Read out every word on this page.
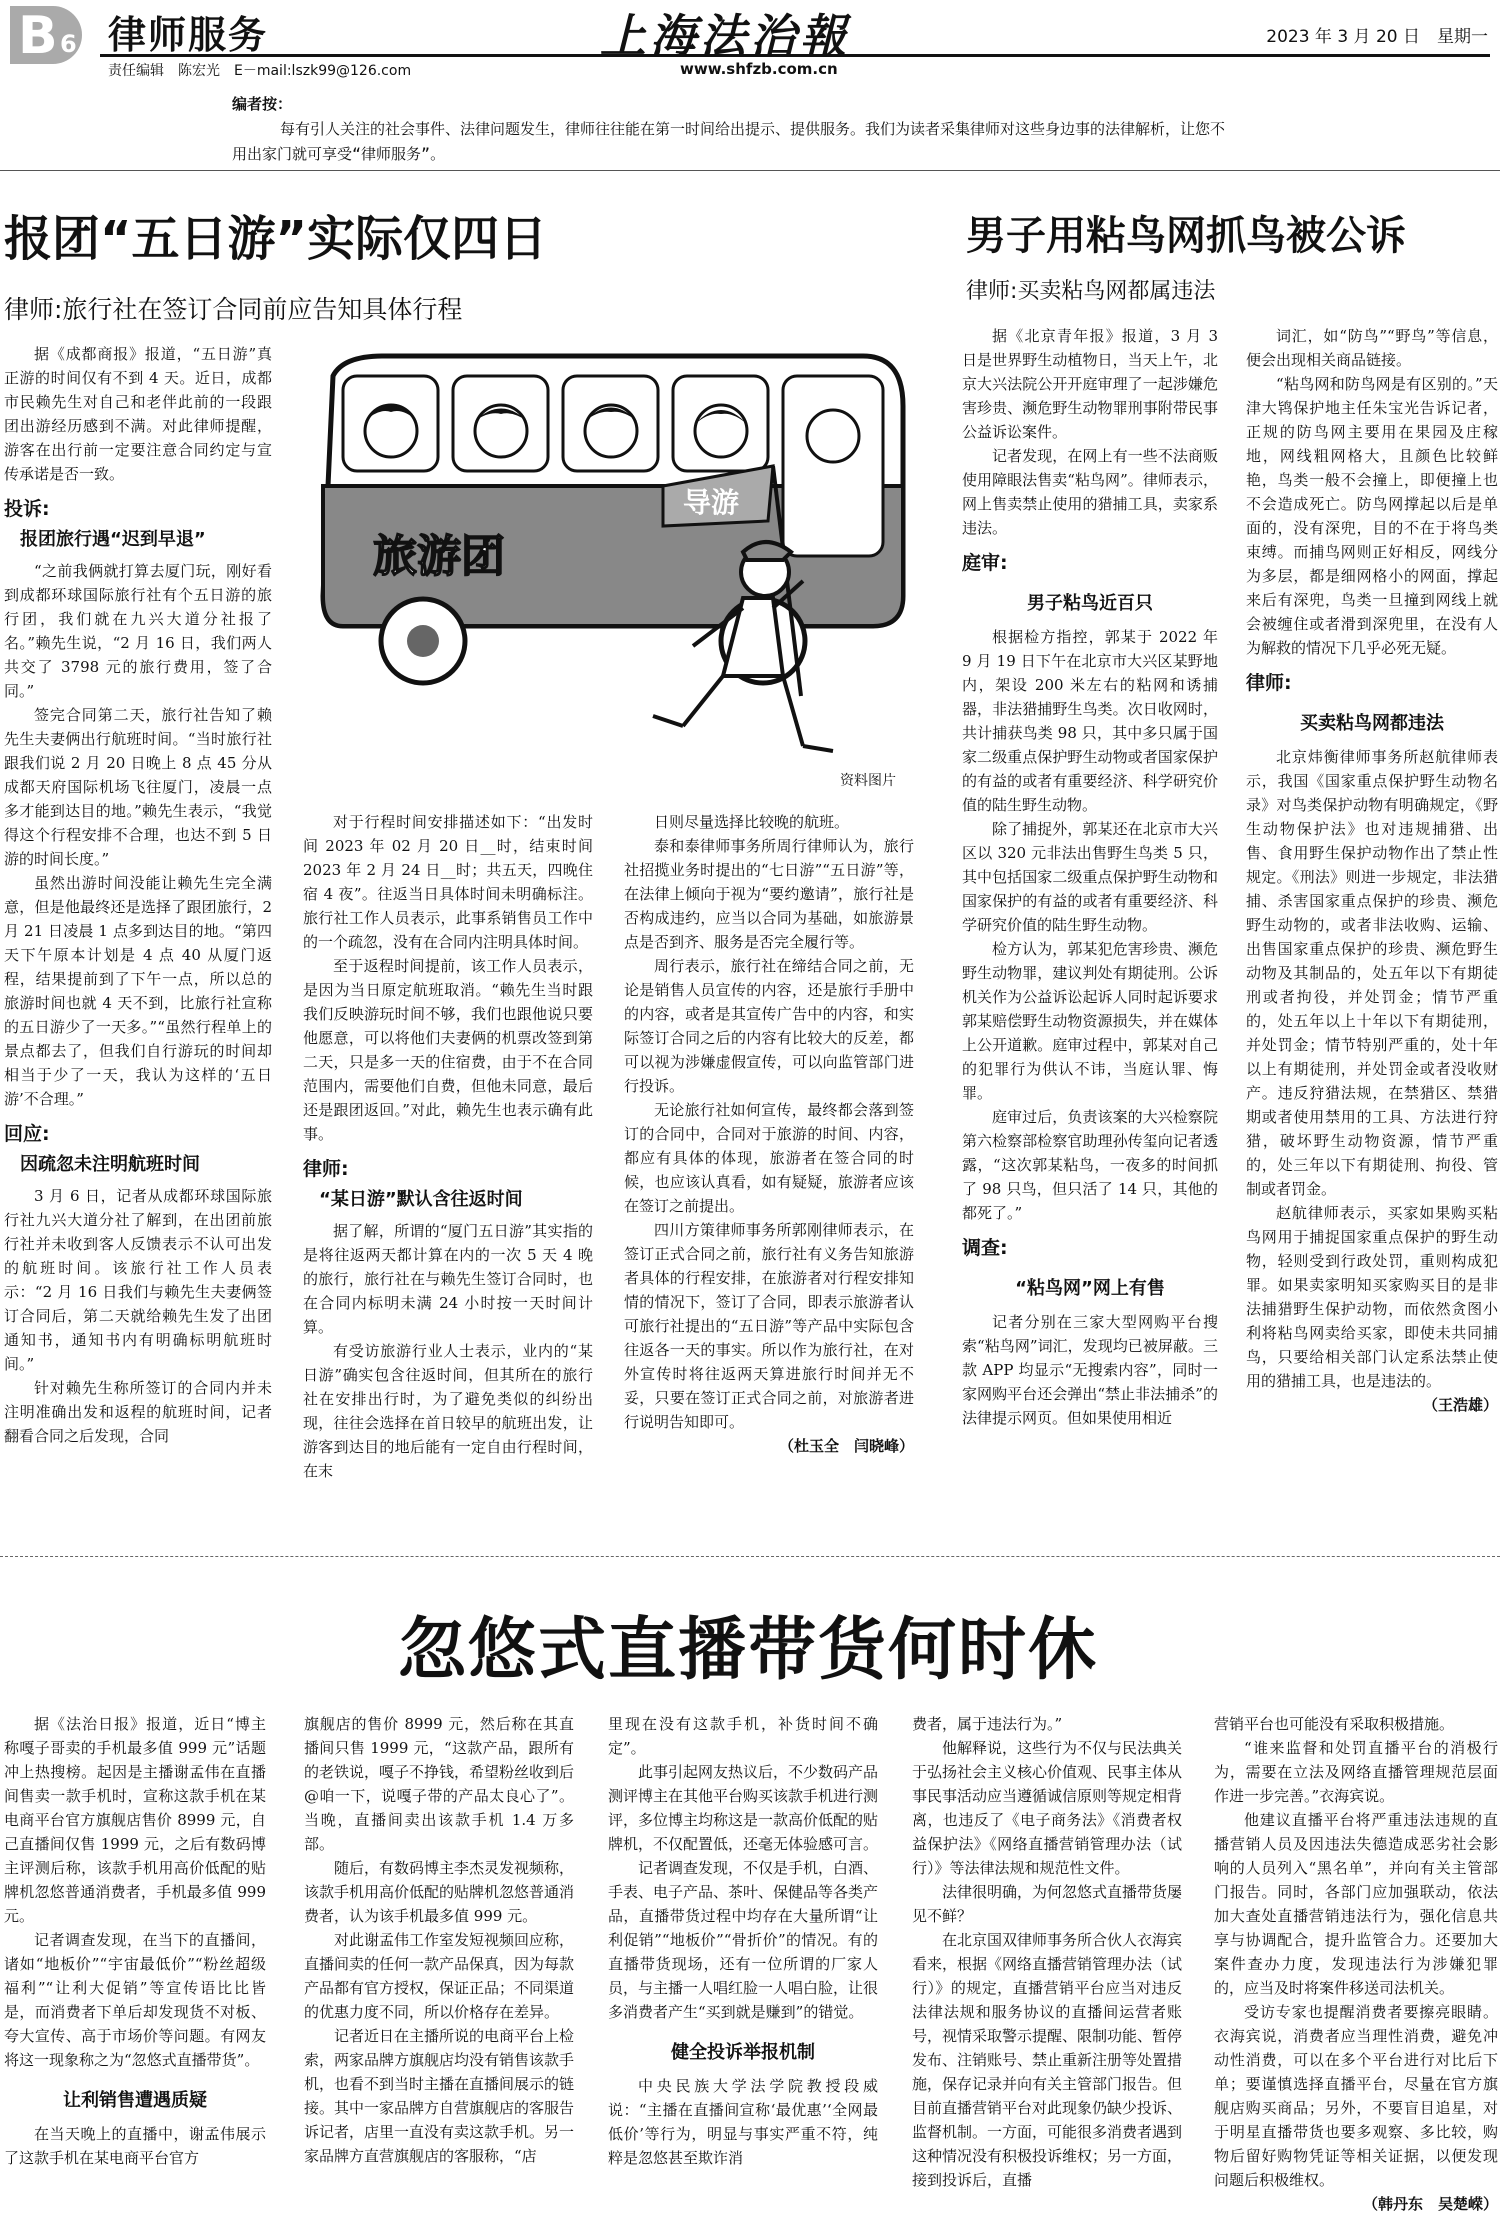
B 6 律师服务	上海法治報	2023 年 3 月 20 日　星期一
责任编辑　陈宏光　E－mail:lszk99@126.com	www.shfzb.com.cn
编者按：

每有引人关注的社会事件、法律问题发生，律师往往能在第一时间给出提示、提供服务。我们为读者采集律师对这些身边事的法律解析，让您不用出家门就可享受“律师服务”。

报团“五日游”实际仅四日
律师:旅行社在签订合同前应告知具体行程

据《成都商报》报道，“五日游”真正游的时间仅有不到 4 天。近日，成都市民赖先生对自己和老伴此前的一段跟团出游经历感到不满。对此律师提醒，游客在出行前一定要注意合同约定与宣传承诺是否一致。

投诉:

报团旅行遇“迟到早退”

“之前我俩就打算去厦门玩，刚好看到成都环球国际旅行社有个五日游的旅行团，我们就在九兴大道分社报了名。”赖先生说，“2 月 16 日，我们两人共交了 3798 元的旅行费用，签了合同。”

签完合同第二天，旅行社告知了赖先生夫妻俩出行航班时间。“当时旅行社跟我们说 2 月 20 日晚上 8 点 45 分从成都天府国际机场飞往厦门，凌晨一点多才能到达目的地。”赖先生表示，“我觉得这个行程安排不合理，也达不到 5 日游的时间长度。”

虽然出游时间没能让赖先生完全满意，但是他最终还是选择了跟团旅行，2 月 21 日凌晨 1 点多到达目的地。“第四天下午原本计划是 4 点 40 从厦门返程，结果提前到了下午一点，所以总的旅游时间也就 4 天不到，比旅行社宣称的五日游少了一天多。”“虽然行程单上的景点都去了，但我们自行游玩的时间却相当于少了一天，我认为这样的‘五日游’不合理。”

回应:

因疏忽未注明航班时间

3 月 6 日，记者从成都环球国际旅行社九兴大道分社了解到，在出团前旅行社并未收到客人反馈表示不认可出发的航班时间。该旅行社工作人员表示：“2 月 16 日我们与赖先生夫妻俩签订合同后，第二天就给赖先生发了出团通知书，通知书内有明确标明航班时间。”

针对赖先生称所签订的合同内并未注明准确出发和返程的航班时间，记者翻看合同之后发现，合同

旅游团
导游
资料图片

对于行程时间安排描述如下：“出发时间 2023 年 02 月 20 日__时，结束时间 2023 年 2 月 24 日__时；共五天，四晚住宿 4 夜”。往返当日具体时间未明确标注。旅行社工作人员表示，此事系销售员工作中的一个疏忽，没有在合同内注明具体时间。

至于返程时间提前，该工作人员表示，是因为当日原定航班取消。“赖先生当时跟我们反映游玩时间不够，我们也跟他说只要他愿意，可以将他们夫妻俩的机票改签到第二天，只是多一天的住宿费，由于不在合同范围内，需要他们自费，但他未同意，最后还是跟团返回。”对此，赖先生也表示确有此事。

律师:

“某日游”默认含往返时间

据了解，所谓的“厦门五日游”其实指的是将往返两天都计算在内的一次 5 天 4 晚的旅行，旅行社在与赖先生签订合同时，也在合同内标明未满 24 小时按一天时间计算。

有受访旅游行业人士表示，业内的“某日游”确实包含往返时间，但其所在的旅行社在安排出行时，为了避免类似的纠纷出现，往往会选择在首日较早的航班出发，让游客到达目的地后能有一定自由行程时间，在末

日则尽量选择比较晚的航班。

泰和泰律师事务所周行律师认为，旅行社招揽业务时提出的“七日游”“五日游”等，在法律上倾向于视为“要约邀请”，旅行社是否构成违约，应当以合同为基础，如旅游景点是否到齐、服务是否完全履行等。

周行表示，旅行社在缔结合同之前，无论是销售人员宣传的内容，还是旅行手册中的内容，或者是其宣传广告中的内容，和实际签订合同之后的内容有比较大的反差，都可以视为涉嫌虚假宣传，可以向监管部门进行投诉。

无论旅行社如何宣传，最终都会落到签订的合同中，合同对于旅游的时间、内容，都应有具体的体现，旅游者在签合同的时候，也应该认真看，如有疑疑，旅游者应该在签订之前提出。

四川方策律师事务所郭刚律师表示，在签订正式合同之前，旅行社有义务告知旅游者具体的行程安排，在旅游者对行程安排知情的情况下，签订了合同，即表示旅游者认可旅行社提出的“五日游”等产品中实际包含往返各一天的事实。所以作为旅行社，在对外宣传时将往返两天算进旅行时间并无不妥，只要在签订正式合同之前，对旅游者进行说明告知即可。

（杜玉全　闫晓峰）

男子用粘鸟网抓鸟被公诉
律师:买卖粘鸟网都属违法

据《北京青年报》报道，3 月 3 日是世界野生动植物日，当天上午，北京大兴法院公开开庭审理了一起涉嫌危害珍贵、濒危野生动物罪刑事附带民事公益诉讼案件。

记者发现，在网上有一些不法商贩使用障眼法售卖“粘鸟网”。律师表示，网上售卖禁止使用的猎捕工具，卖家系违法。

庭审:

男子粘鸟近百只

根据检方指控，郭某于 2022 年 9 月 19 日下午在北京市大兴区某野地内，架设 200 米左右的粘网和诱捕器，非法猎捕野生鸟类。次日收网时，共计捕获鸟类 98 只，其中多只属于国家二级重点保护野生动物或者国家保护的有益的或者有重要经济、科学研究价值的陆生野生动物。

除了捕捉外，郭某还在北京市大兴区以 320 元非法出售野生鸟类 5 只，其中包括国家二级重点保护野生动物和国家保护的有益的或者有重要经济、科学研究价值的陆生野生动物。

检方认为，郭某犯危害珍贵、濒危野生动物罪，建议判处有期徒刑。公诉机关作为公益诉讼起诉人同时起诉要求郭某赔偿野生动物资源损失，并在媒体上公开道歉。庭审过程中，郭某对自己的犯罪行为供认不讳，当庭认罪、悔罪。

庭审过后，负责该案的大兴检察院第六检察部检察官助理孙传玺向记者透露，“这次郭某粘鸟，一夜多的时间抓了 98 只鸟，但只活了 14 只，其他的都死了。”

调查:

“粘鸟网”网上有售

记者分别在三家大型网购平台搜索“粘鸟网”词汇，发现均已被屏蔽。三款 APP 均显示“无搜索内容”，同时一家网购平台还会弹出“禁止非法捕杀”的法律提示网页。但如果使用相近

词汇，如“防鸟”“野鸟”等信息，便会出现相关商品链接。

“粘鸟网和防鸟网是有区别的。”天津大鸨保护地主任朱宝光告诉记者，正规的防鸟网主要用在果园及庄稼地，网线粗网格大，且颜色比较鲜艳，鸟类一般不会撞上，即便撞上也不会造成死亡。防鸟网撑起以后是单面的，没有深兜，目的不在于将鸟类束缚。而捕鸟网则正好相反，网线分为多层，都是细网格小的网面，撑起来后有深兜，鸟类一旦撞到网线上就会被缠住或者滑到深兜里，在没有人为解救的情况下几乎必死无疑。

律师:

买卖粘鸟网都违法

北京炜衡律师事务所赵航律师表示，我国《国家重点保护野生动物名录》对鸟类保护动物有明确规定，《野生动物保护法》也对违规捕猎、出售、食用野生保护动物作出了禁止性规定。《刑法》则进一步规定，非法猎捕、杀害国家重点保护的珍贵、濒危野生动物的，或者非法收购、运输、出售国家重点保护的珍贵、濒危野生动物及其制品的，处五年以下有期徒刑或者拘役，并处罚金；情节严重的，处五年以上十年以下有期徒刑，并处罚金；情节特别严重的，处十年以上有期徒刑，并处罚金或者没收财产。违反狩猎法规，在禁猎区、禁猎期或者使用禁用的工具、方法进行狩猎，破坏野生动物资源，情节严重的，处三年以下有期徒刑、拘役、管制或者罚金。

赵航律师表示，买家如果购买粘鸟网用于捕捉国家重点保护的野生动物，轻则受到行政处罚，重则构成犯罪。如果卖家明知买家购买目的是非法捕猎野生保护动物，而依然贪图小利将粘鸟网卖给买家，即使未共同捕鸟，只要给相关部门认定系法禁止使用的猎捕工具，也是违法的。

（王浩雄）

忽悠式直播带货何时休

据《法治日报》报道，近日“博主称嘎子哥卖的手机最多值 999 元”话题冲上热搜榜。起因是主播谢孟伟在直播间售卖一款手机时，宣称这款手机在某电商平台官方旗舰店售价 8999 元，自己直播间仅售 1999 元，之后有数码博主评测后称，该款手机用高价低配的贴牌机忽悠普通消费者，手机最多值 999 元。

记者调查发现，在当下的直播间，诸如“地板价”“宇宙最低价”“粉丝超级福利”“让利大促销”等宣传语比比皆是，而消费者下单后却发现货不对板、夸大宣传、高于市场价等问题。有网友将这一现象称之为“忽悠式直播带货”。

让利销售遭遇质疑

在当天晚上的直播中，谢孟伟展示了这款手机在某电商平台官方

旗舰店的售价 8999 元，然后称在其直播间只售 1999 元，“这款产品，跟所有的老铁说，嘎子不挣钱，希望粉丝收到后@咱一下，说嘎子带的产品太良心了”。当晚，直播间卖出该款手机 1.4 万多部。

随后，有数码博主李杰灵发视频称，该款手机用高价低配的贴牌机忽悠普通消费者，认为该手机最多值 999 元。

对此谢孟伟工作室发短视频回应称，直播间卖的任何一款产品保真，因为每款产品都有官方授权，保证正品；不同渠道的优惠力度不同，所以价格存在差异。

记者近日在主播所说的电商平台上检索，两家品牌方旗舰店均没有销售该款手机，也看不到当时主播在直播间展示的链接。其中一家品牌方自营旗舰店的客服告诉记者，店里一直没有卖这款手机。另一家品牌方直营旗舰店的客服称，“店

里现在没有这款手机，补货时间不确定”。

此事引起网友热议后，不少数码产品测评博主在其他平台购买该款手机进行测评，多位博主均称这是一款高价低配的贴牌机，不仅配置低，还毫无体验感可言。

记者调查发现，不仅是手机，白酒、手表、电子产品、茶叶、保健品等各类产品，直播带货过程中均存在大量所谓“让利促销”“地板价”“骨折价”的情况。有的直播带货现场，还有一位所谓的厂家人员，与主播一人唱红脸一人唱白脸，让很多消费者产生“买到就是赚到”的错觉。

健全投诉举报机制

中央民族大学法学院教授段威说：“主播在直播间宣称‘最优惠’‘全网最低价’等行为，明显与事实严重不符，纯粹是忽悠甚至欺诈消

费者，属于违法行为。”

他解释说，这些行为不仅与民法典关于弘扬社会主义核心价值观、民事主体从事民事活动应当遵循诚信原则等规定相背离，也违反了《电子商务法》《消费者权益保护法》《网络直播营销管理办法（试行）》等法律法规和规范性文件。

法律很明确，为何忽悠式直播带货屡见不鲜？

在北京国双律师事务所合伙人衣海宾看来，根据《网络直播营销管理办法（试行）》的规定，直播营销平台应当对违反法律法规和服务协议的直播间运营者账号，视情采取警示提醒、限制功能、暂停发布、注销账号、禁止重新注册等处置措施，保存记录并向有关主管部门报告。但目前直播营销平台对此现象仍缺少投诉、监督机制。一方面，可能很多消费者遇到这种情况没有积极投诉维权；另一方面，接到投诉后，直播

营销平台也可能没有采取积极措施。

“谁来监督和处罚直播平台的消极行为，需要在立法及网络直播管理规范层面作进一步完善。”衣海宾说。

他建议直播平台将严重违法违规的直播营销人员及因违法失德造成恶劣社会影响的人员列入“黑名单”，并向有关主管部门报告。同时，各部门应加强联动，依法加大查处直播营销违法行为，强化信息共享与协调配合，提升监管合力。还要加大案件查办力度，发现违法行为涉嫌犯罪的，应当及时将案件移送司法机关。

受访专家也提醒消费者要擦亮眼睛。衣海宾说，消费者应当理性消费，避免冲动性消费，可以在多个平台进行对比后下单；要谨慎选择直播平台，尽量在官方旗舰店购买商品；另外，不要盲目追星，对于明星直播带货也要多观察、多比较，购物后留好购物凭证等相关证据，以便发现问题后积极维权。

（韩丹东　吴楚嵘）
